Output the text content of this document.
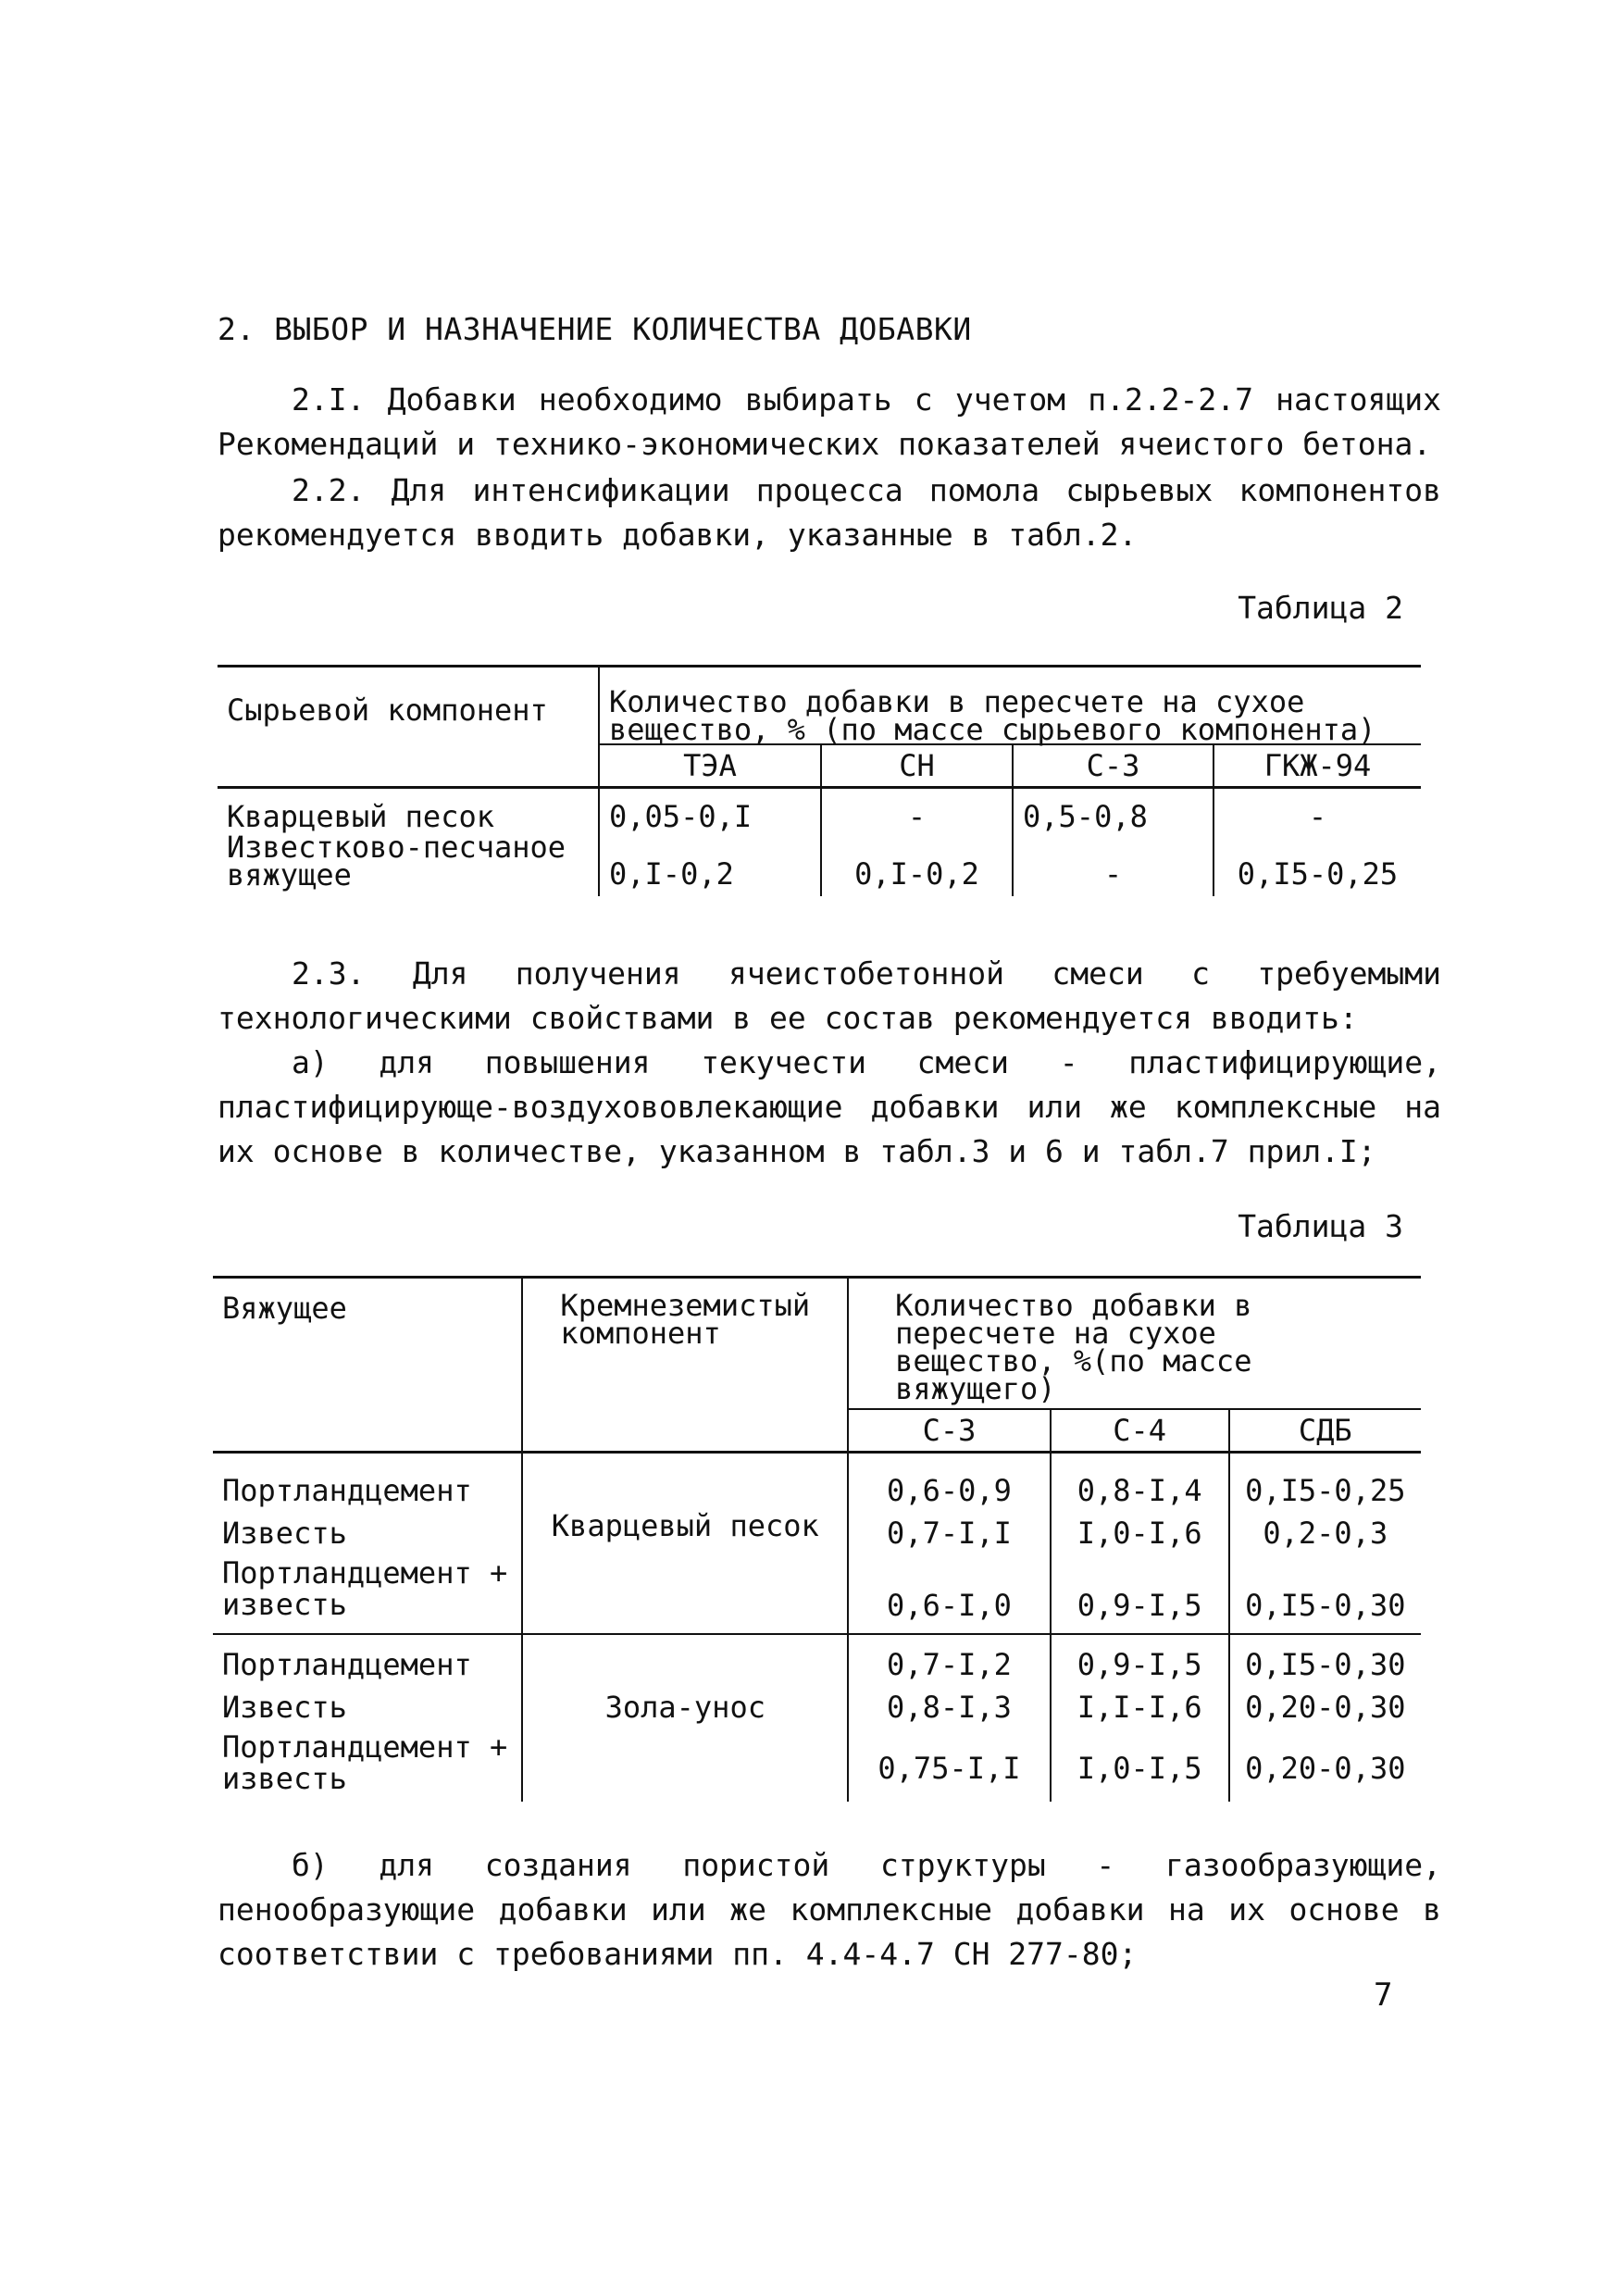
2. ВЫБОР И НАЗНАЧЕНИЕ КОЛИЧЕСТВА ДОБАВКИ
2.I. Добавки необходимо выбирать с учетом п.2.2-2.7 настоящих Рекомендаций и технико-экономических показателей ячеистого бетона.
2.2. Для интенсификации процесса помола сырьевых компонентов рекомендуется вводить добавки, указанные в табл.2.
Таблица 2
Сырьевой компонент	Количество добавки в пересчете на сухое вещество, % (по массе сырьевого компонента)			
	ТЭА	СН	С-3	ГКЖ-94
Кварцевый песок	0,05-0,I	-	0,5-0,8	-
Известково-песчаное вяжущее	0,I-0,2	0,I-0,2	-	0,I5-0,25
2.3. Для получения ячеистобетонной смеси с требуемыми технологическими свойствами в ее состав рекомендуется вводить:
а) для повышения текучести смеси - пластифицирующие, пластифицирующе-воздухововлекающие добавки или же комплексные на их основе в количестве, указанном в табл.3 и 6 и табл.7 прил.I;
Таблица 3
Вяжущее	Кремнеземистый компонент	Количество добавки в пересчете на сухое вещество, %(по массе вяжущего)		
		С-3	С-4	СДБ
Портландцемент	Кварцевый песок	0,6-0,9	0,8-I,4	0,I5-0,25
Известь		0,7-I,I	I,0-I,6	0,2-0,3
Портландцемент + известь		0,6-I,0	0,9-I,5	0,I5-0,30
Портландцемент	Зола-унос	0,7-I,2	0,9-I,5	0,I5-0,30
Известь		0,8-I,3	I,I-I,6	0,20-0,30
Портландцемент + известь		0,75-I,I	I,0-I,5	0,20-0,30
б) для создания пористой структуры - газообразующие, пенообразующие добавки или же комплексные добавки на их основе в соответствии с требованиями пп. 4.4-4.7 СН 277-80;
7
